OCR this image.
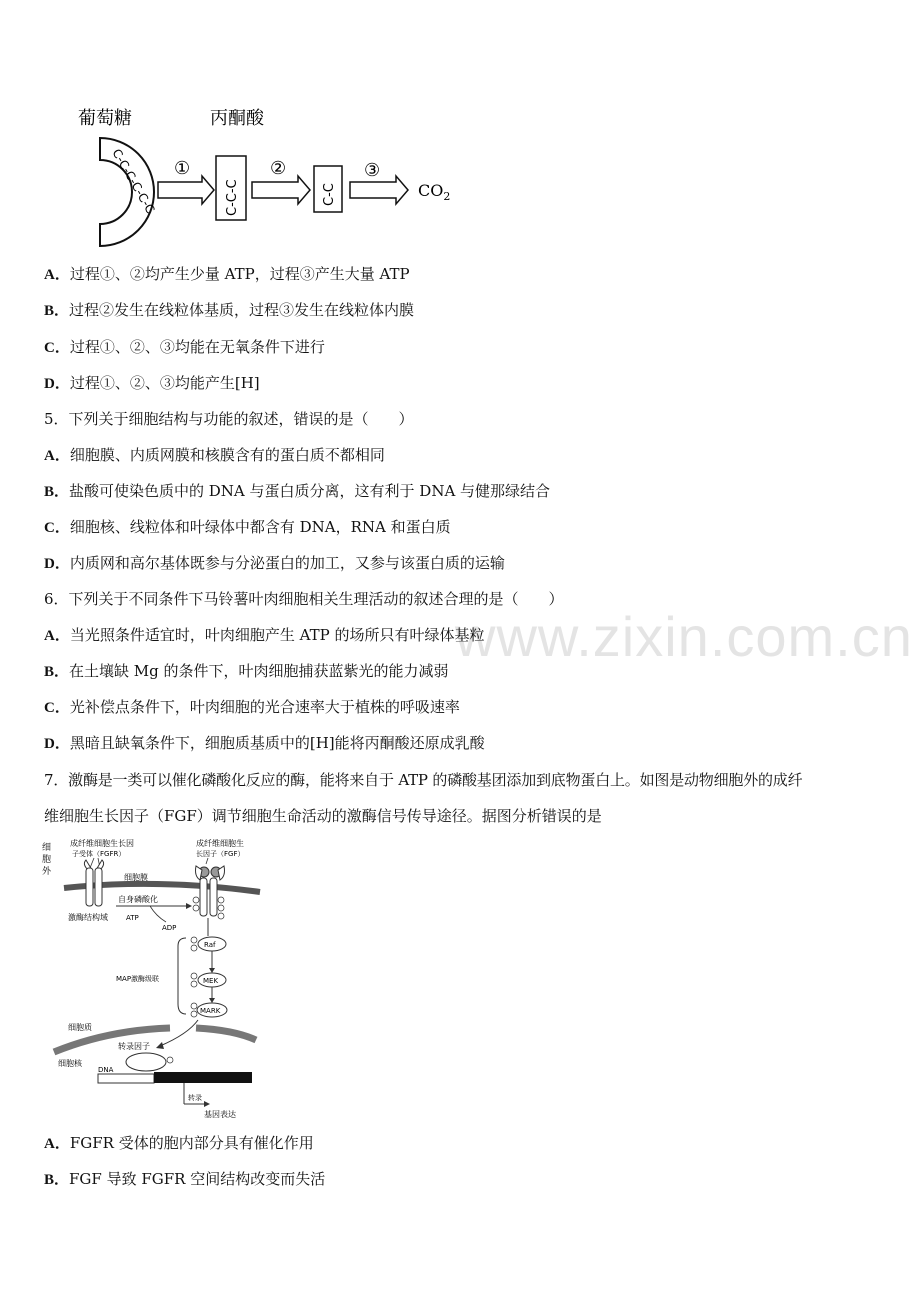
葡萄糖	丙酮酸
C-C-C-C-C-C ①
C-C-C
②
C-C
③
$CO_2$
A．过程①、②均产生少量 ATP，过程③产生大量 ATP
B．过程②发生在线粒体基质，过程③发生在线粒体内膜
C．过程①、②、③均能在无氧条件下进行
D．过程①、②、③均能产生[H]
5．下列关于细胞结构与功能的叙述，错误的是（　　）
A．细胞膜、内质网膜和核膜含有的蛋白质不都相同
B．盐酸可使染色质中的 DNA 与蛋白质分离，这有利于 DNA 与健那绿结合
C．细胞核、线粒体和叶绿体中都含有 DNA，RNA 和蛋白质
D．内质网和高尔基体既参与分泌蛋白的加工，又参与该蛋白质的运输
www.zixin.com.cn
6．下列关于不同条件下马铃薯叶肉细胞相关生理活动的叙述合理的是（　　）
A．当光照条件适宜时，叶肉细胞产生 ATP 的场所只有叶绿体基粒
B．在土壤缺 Mg 的条件下，叶肉细胞捕获蓝紫光的能力减弱
C．光补偿点条件下，叶肉细胞的光合速率大于植株的呼吸速率
D．黑暗且缺氧条件下，细胞质基质中的[H]能将丙酮酸还原成乳酸
7．激酶是一类可以催化磷酸化反应的酶，能将来自于 ATP 的磷酸基团添加到底物蛋白上。如图是动物细胞外的成纤
维细胞生长因子（FGF）调节细胞生命活动的激酶信号传导途径。据图分析错误的是
细
胞
外
成纤维细胞生长因
子受体（FGFR）
成纤维细胞生
长因子（FGF）
细胞膜
激酶结构域
自身磷酸化
ATP
ADP
Raf
MEK
MARK
MAP激酶级联
细胞质
细胞核
转录因子
DNA
转录
基因表达
A．FGFR 受体的胞内部分具有催化作用
B．FGF 导致 FGFR 空间结构改变而失活
